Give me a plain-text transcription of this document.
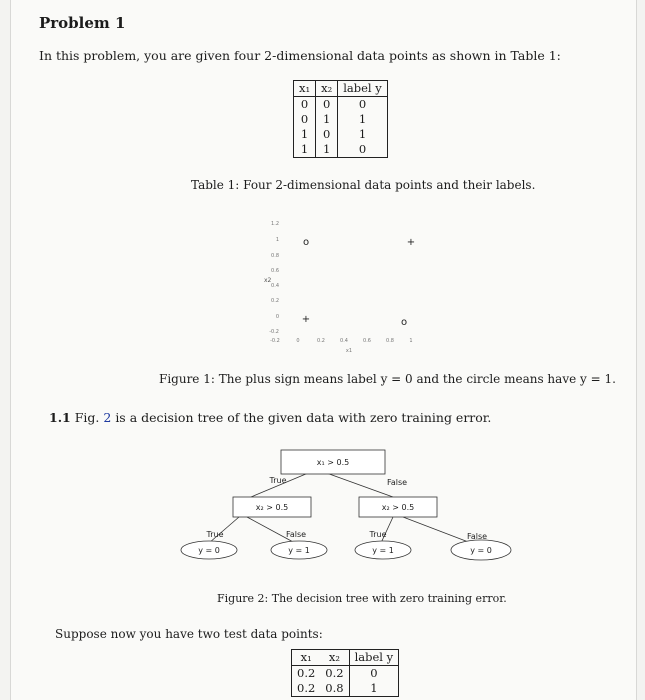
Problem 1
In this problem, you are given four 2-dimensional data points as shown in Table 1:
x₁	x₂	label y
0	0	0
0	1	1
1	0	1
1	1	0
Table 1: Four 2-dimensional data points and their labels.
1.2
1
0.8
0.6
0.4
0.2
0
-0.2
x2
-0.2	0	0.2	0.4	0.6	0.8	1
x1
o	+
+	o
Figure 1: The plus sign means label y = 0 and the circle means have y = 1.
1.1 Fig. 2 is a decision tree of the given data with zero training error.
x₁ > 0.5
x₂ > 0.5	x₂ > 0.5
y = 0	y = 1	y = 1	y = 0
True	False
True	False	True	False
Figure 2: The decision tree with zero training error.
Suppose now you have two test data points:
x₁	x₂	label y
0.2	0.2	0
0.2	0.8	1
